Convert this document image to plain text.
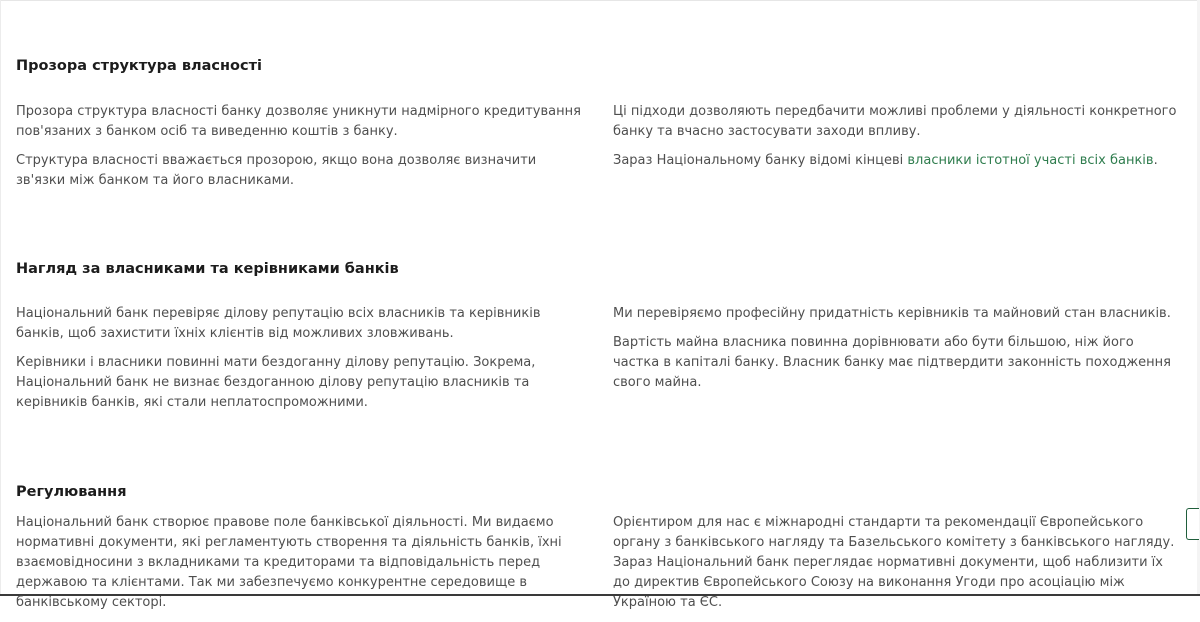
Прозора структура власності

Прозора структура власності банку дозволяє уникнути надмірного кредитування пов'язаних з банком осіб та виведенню коштів з банку.

Структура власності вважається прозорою, якщо вона дозволяє визначити зв'язки між банком та його власниками.

Ці підходи дозволяють передбачити можливі проблеми у діяльності конкретного банку та вчасно застосувати заходи впливу.

Зараз Національному банку відомі кінцеві власники істотної участі всіх банків.

Нагляд за власниками та керівниками банків

Національний банк перевіряє ділову репутацію всіх власників та керівників банків, щоб захистити їхніх клієнтів від можливих зловживань.

Керівники і власники повинні мати бездоганну ділову репутацію. Зокрема, Національний банк не визнає бездоганною ділову репутацію власників та керівників банків, які стали неплатоспроможними.

Ми перевіряємо професійну придатність керівників та майновий стан власників.

Вартість майна власника повинна дорівнювати або бути більшою, ніж його частка в капіталі банку. Власник банку має підтвердити законність походження свого майна.

Регулювання

Національний банк створює правове поле банківської діяльності. Ми видаємо нормативні документи, які регламентують створення та діяльність банків, їхні взаємовідносини з вкладниками та кредиторами та відповідальність перед державою та клієнтами. Так ми забезпечуємо конкурентне середовище в банківському секторі.

Орієнтиром для нас є міжнародні стандарти та рекомендації Європейського органу з банківського нагляду та Базельського комітету з банківського нагляду. Зараз Національний банк переглядає нормативні документи, щоб наблизити їх до директив Європейського Союзу на виконання Угоди про асоціацію між Україною та ЄС.
